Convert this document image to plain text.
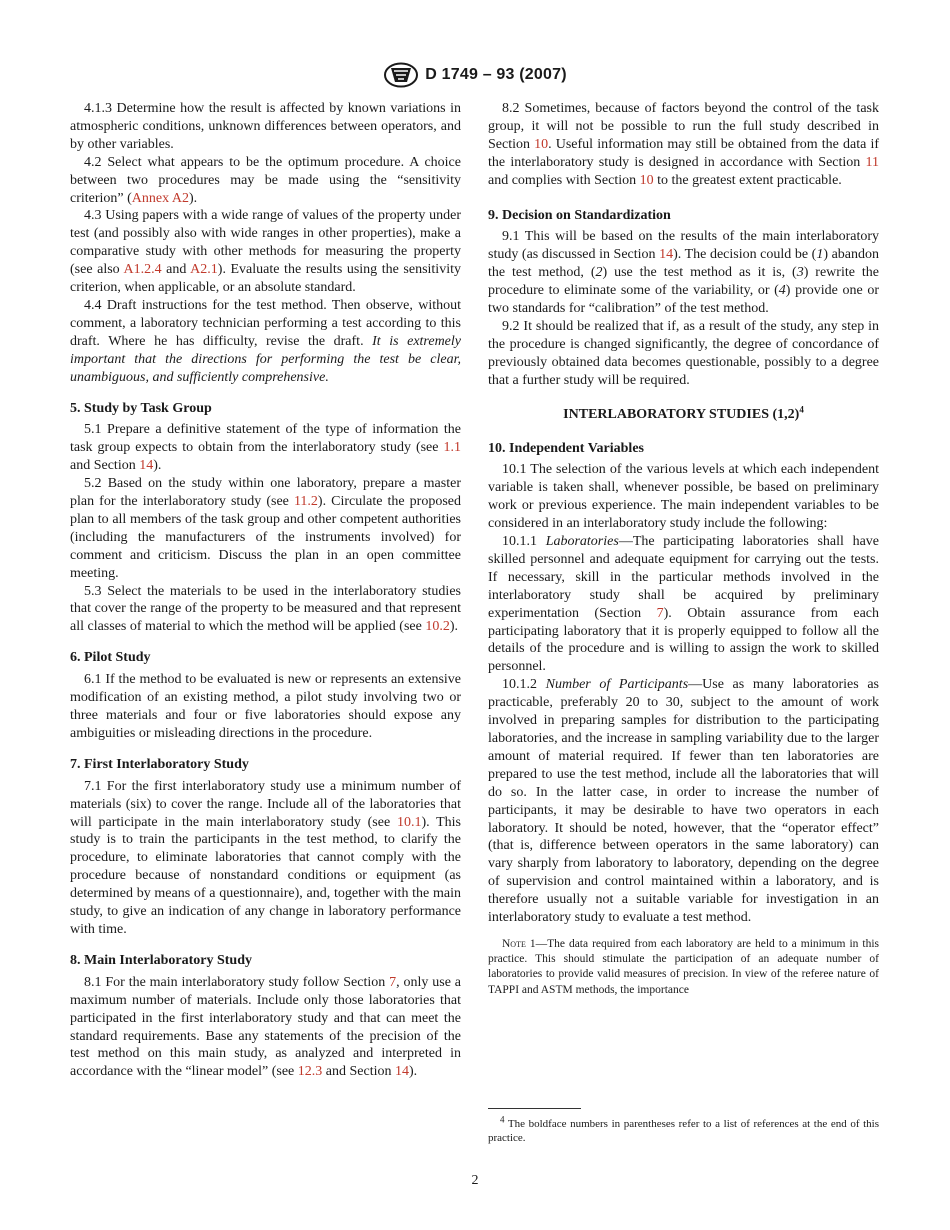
D 1749 – 93 (2007)

4.1.3 Determine how the result is affected by known variations in atmospheric conditions, unknown differences between operators, and by other variables.

4.2 Select what appears to be the optimum procedure. A choice between two procedures may be made using the “sensitivity criterion” (Annex A2).

4.3 Using papers with a wide range of values of the property under test (and possibly also with wide ranges in other properties), make a comparative study with other methods for measuring the property (see also A1.2.4 and A2.1). Evaluate the results using the sensitivity criterion, when applicable, or an absolute standard.

4.4 Draft instructions for the test method. Then observe, without comment, a laboratory technician performing a test according to this draft. Where he has difficulty, revise the draft. It is extremely important that the directions for performing the test be clear, unambiguous, and sufficiently comprehensive.

5. Study by Task Group

5.1 Prepare a definitive statement of the type of information the task group expects to obtain from the interlaboratory study (see 1.1 and Section 14).

5.2 Based on the study within one laboratory, prepare a master plan for the interlaboratory study (see 11.2). Circulate the proposed plan to all members of the task group and other competent authorities (including the manufacturers of the instruments involved) for comment and criticism. Discuss the plan in an open committee meeting.

5.3 Select the materials to be used in the interlaboratory studies that cover the range of the property to be measured and that represent all classes of material to which the method will be applied (see 10.2).

6. Pilot Study

6.1 If the method to be evaluated is new or represents an extensive modification of an existing method, a pilot study involving two or three materials and four or five laboratories should expose any ambiguities or misleading directions in the procedure.

7. First Interlaboratory Study

7.1 For the first interlaboratory study use a minimum number of materials (six) to cover the range. Include all of the laboratories that will participate in the main interlaboratory study (see 10.1). This study is to train the participants in the test method, to clarify the procedure, to eliminate laboratories that cannot comply with the procedure because of nonstandard conditions or equipment (as determined by means of a questionnaire), and, together with the main study, to give an indication of any change in laboratory performance with time.

8. Main Interlaboratory Study

8.1 For the main interlaboratory study follow Section 7, only use a maximum number of materials. Include only those laboratories that participated in the first interlaboratory study and that can meet the standard requirements. Base any statements of the precision of the test method on this main study, as analyzed and interpreted in accordance with the “linear model” (see 12.3 and Section 14).

8.2 Sometimes, because of factors beyond the control of the task group, it will not be possible to run the full study described in Section 10. Useful information may still be obtained from the data if the interlaboratory study is designed in accordance with Section 11 and complies with Section 10 to the greatest extent practicable.

9. Decision on Standardization

9.1 This will be based on the results of the main interlaboratory study (as discussed in Section 14). The decision could be (1) abandon the test method, (2) use the test method as it is, (3) rewrite the procedure to eliminate some of the variability, or (4) provide one or two standards for “calibration” of the test method.

9.2 It should be realized that if, as a result of the study, any step in the procedure is changed significantly, the degree of concordance of previously obtained data becomes questionable, possibly to a degree that a further study will be required.

INTERLABORATORY STUDIES $(1,2)^4$

10. Independent Variables

10.1 The selection of the various levels at which each independent variable is taken shall, whenever possible, be based on preliminary work or previous experience. The main independent variables to be considered in an interlaboratory study include the following:

10.1.1 Laboratories—The participating laboratories shall have skilled personnel and adequate equipment for carrying out the tests. If necessary, skill in the particular methods involved in the interlaboratory study shall be acquired by preliminary experimentation (Section 7). Obtain assurance from each participating laboratory that it is properly equipped to follow all the details of the procedure and is willing to assign the work to skilled personnel.

10.1.2 Number of Participants—Use as many laboratories as practicable, preferably 20 to 30, subject to the amount of work involved in preparing samples for distribution to the participating laboratories, and the increase in sampling variability due to the larger amount of material required. If fewer than ten laboratories are prepared to use the test method, include all the laboratories that will do so. In the latter case, in order to increase the number of participants, it may be desirable to have two operators in each laboratory. It should be noted, however, that the “operator effect” (that is, difference between operators in the same laboratory) can vary sharply from laboratory to laboratory, depending on the degree of supervision and control maintained within a laboratory, and is therefore usually not a suitable variable for investigation in an interlaboratory study to evaluate a test method.

Note 1—The data required from each laboratory are held to a minimum in this practice. This should stimulate the participation of an adequate number of laboratories to provide valid measures of precision. In view of the referee nature of TAPPI and ASTM methods, the importance

$^4$ The boldface numbers in parentheses refer to a list of references at the end of this practice.

2
